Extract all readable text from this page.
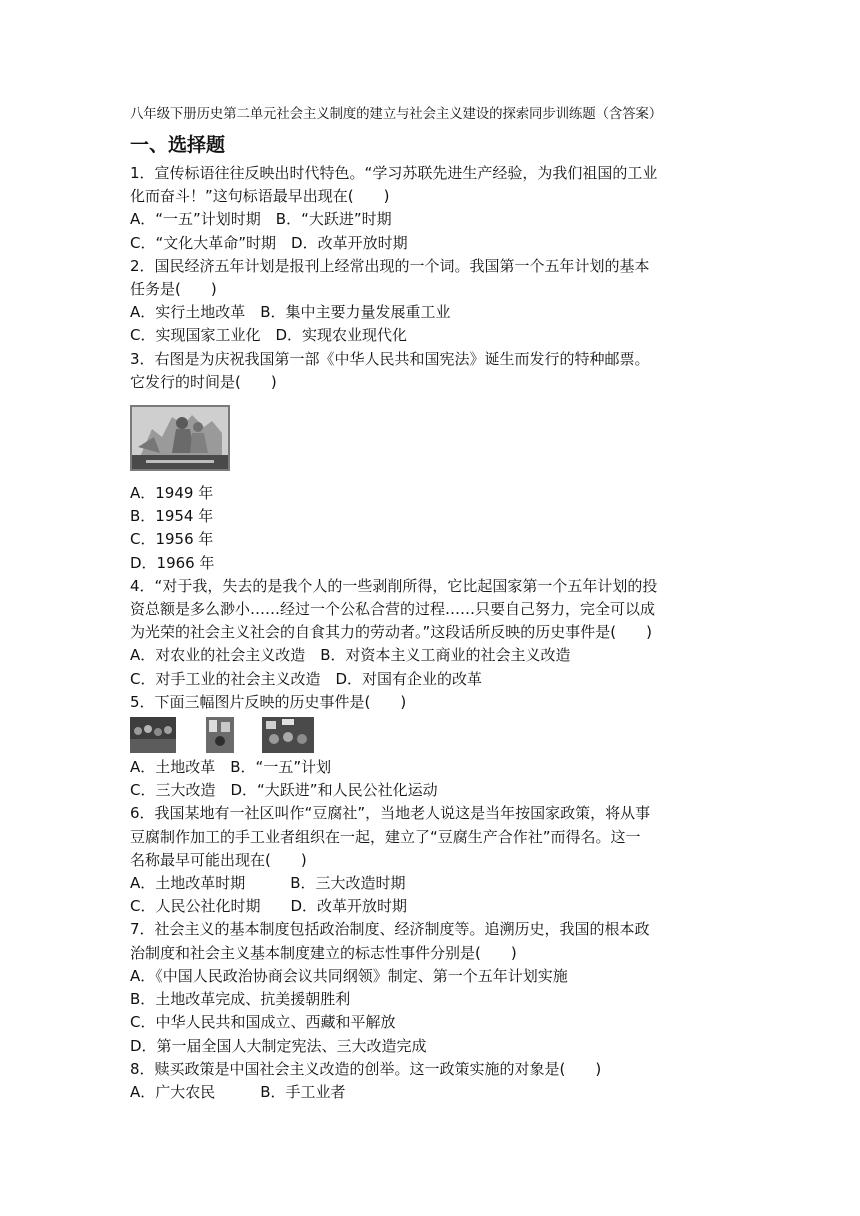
八年级下册历史第二单元社会主义制度的建立与社会主义建设的探索同步训练题（含答案）
一、选择题
1．宣传标语往往反映出时代特色。“学习苏联先进生产经验，为我们祖国的工业
化而奋斗！”这句标语最早出现在(　　)
A．“一五”计划时期　B．“大跃进”时期
C．“文化大革命”时期　D．改革开放时期
2．国民经济五年计划是报刊上经常出现的一个词。我国第一个五年计划的基本
任务是(　　)
A．实行土地改革　B．集中主要力量发展重工业
C．实现国家工业化　D．实现农业现代化
3．右图是为庆祝我国第一部《中华人民共和国宪法》诞生而发行的特种邮票。
它发行的时间是(　　)
A．1949 年
B．1954 年
C．1956 年
D．1966 年
4．“对于我，失去的是我个人的一些剥削所得，它比起国家第一个五年计划的投
资总额是多么渺小……经过一个公私合营的过程……只要自己努力，完全可以成
为光荣的社会主义社会的自食其力的劳动者。”这段话所反映的历史事件是(　　)
A．对农业的社会主义改造　B．对资本主义工商业的社会主义改造
C．对手工业的社会主义改造　D．对国有企业的改革
5．下面三幅图片反映的历史事件是(　　)
A．土地改革　B．“一五”计划
C．三大改造　D．“大跃进”和人民公社化运动
6．我国某地有一社区叫作“豆腐社”，当地老人说这是当年按国家政策，将从事
豆腐制作加工的手工业者组织在一起，建立了“豆腐生产合作社”而得名。这一
名称最早可能出现在(　　)
A．土地改革时期　　　B．三大改造时期
C．人民公社化时期　　D．改革开放时期
7．社会主义的基本制度包括政治制度、经济制度等。追溯历史，我国的根本政
治制度和社会主义基本制度建立的标志性事件分别是(　　)
A．《中国人民政治协商会议共同纲领》制定、第一个五年计划实施
B．土地改革完成、抗美援朝胜利
C．中华人民共和国成立、西藏和平解放
D．第一届全国人大制定宪法、三大改造完成
8．赎买政策是中国社会主义改造的创举。这一政策实施的对象是(　　)
A．广大农民　　　B．手工业者
